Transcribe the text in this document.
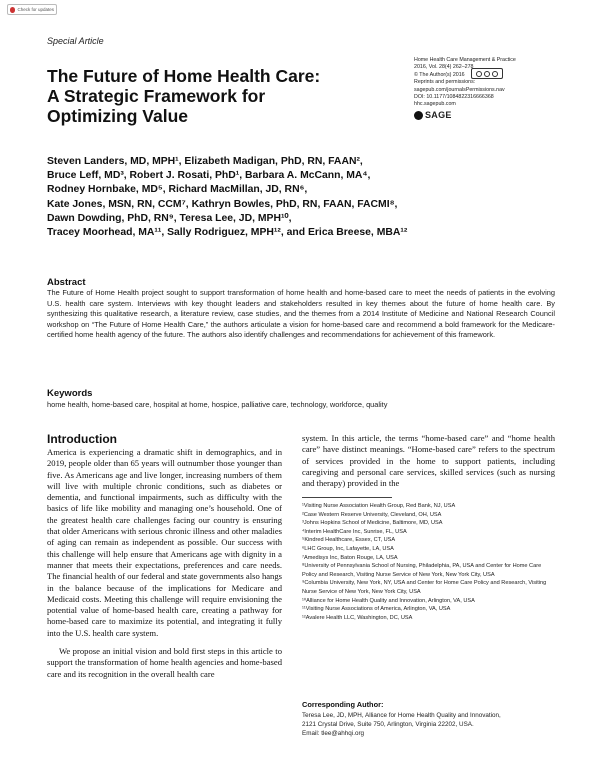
Check for updates
Special Article
The Future of Home Health Care:
A Strategic Framework for
Optimizing Value
Home Health Care Management & Practice
2016, Vol. 28(4) 262–278
© The Author(s) 2016
Reprints and permissions:
sagepub.com/journalsPermissions.nav
DOI: 10.1177/1084822316666368
hhc.sagepub.com
SAGE
Steven Landers, MD, MPH¹, Elizabeth Madigan, PhD, RN, FAAN²,
Bruce Leff, MD³, Robert J. Rosati, PhD¹, Barbara A. McCann, MA⁴,
Rodney Hornbake, MD⁵, Richard MacMillan, JD, RN⁶,
Kate Jones, MSN, RN, CCM⁷, Kathryn Bowles, PhD, RN, FAAN, FACMI⁸,
Dawn Dowding, PhD, RN⁹, Teresa Lee, JD, MPH¹⁰,
Tracey Moorhead, MA¹¹, Sally Rodriguez, MPH¹², and Erica Breese, MBA¹²
Abstract
The Future of Home Health project sought to support transformation of home health and home-based care to meet the needs of patients in the evolving U.S. health care system. Interviews with key thought leaders and stakeholders resulted in key themes about the future of home health care. By synthesizing this qualitative research, a literature review, case studies, and the themes from a 2014 Institute of Medicine and National Research Council workshop on “The Future of Home Health Care,” the authors articulate a vision for home-based care and recommend a bold framework for the Medicare-certified home health agency of the future. The authors also identify challenges and recommendations for achievement of this framework.
Keywords
home health, home-based care, hospital at home, hospice, palliative care, technology, workforce, quality
Introduction

America is experiencing a dramatic shift in demographics, and in 2019, people older than 65 years will outnumber those younger than five. As Americans age and live longer, increasing numbers of them will live with multiple chronic conditions, such as diabetes or dementia, and functional impairments, such as difficulty with the basics of life like mobility and managing one’s household. One of the greatest health care challenges facing our country is ensuring that older Americans with serious chronic illness and other maladies of aging can remain as independent as possible. Our success with this challenge will help ensure that Americans age with dignity in a manner that meets their expectations, preferences and care needs. The financial health of our federal and state governments also hangs in the balance because of the implications for Medicare and Medicaid costs. Meeting this challenge will require envisioning the potential value of home-based health care, creating a pathway for home-based care to maximize its potential, and integrating it fully into the U.S. health care system.

We propose an initial vision and bold first steps in this article to support the transformation of home health agencies and home-based care and its recognition in the overall health care

system. In this article, the terms “home-based care” and “home health care” have distinct meanings. “Home-based care” refers to the spectrum of services provided in the home to support patients, including caregiving and personal care services, skilled services (such as nursing and therapy) provided in the
¹Visiting Nurse Association Health Group, Red Bank, NJ, USA
²Case Western Reserve University, Cleveland, OH, USA
³Johns Hopkins School of Medicine, Baltimore, MD, USA
⁴Interim HealthCare Inc, Sunrise, FL, USA
⁵Kindred Healthcare, Essex, CT, USA
⁶LHC Group, Inc, Lafayette, LA, USA
⁷Amedisys Inc, Baton Rouge, LA, USA
⁸University of Pennsylvania School of Nursing, Philadelphia, PA, USA and Center for Home Care Policy and Research, Visiting Nurse Service of New York, New York City, USA
⁹Columbia University, New York, NY, USA and Center for Home Care Policy and Research, Visiting Nurse Service of New York, New York City, USA
¹⁰Alliance for Home Health Quality and Innovation, Arlington, VA, USA
¹¹Visiting Nurse Associations of America, Arlington, VA, USA
¹²Avalere Health LLC, Washington, DC, USA
Corresponding Author:
Teresa Lee, JD, MPH, Alliance for Home Health Quality and Innovation,
2121 Crystal Drive, Suite 750, Arlington, Virginia 22202, USA.
Email: tlee@ahhqi.org
